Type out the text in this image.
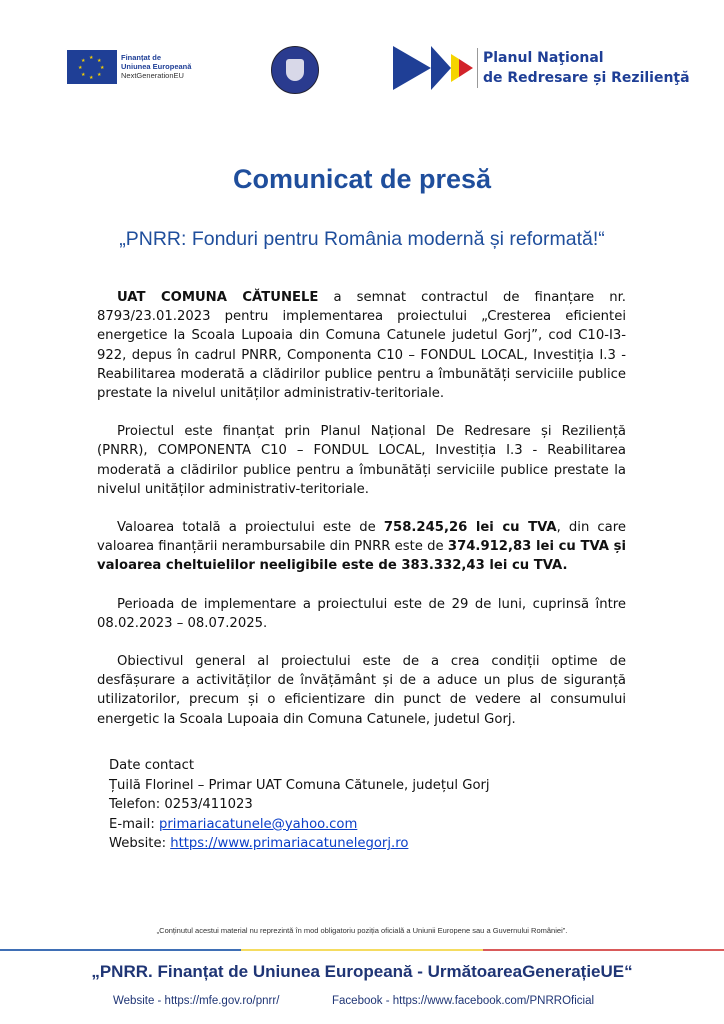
★ ★
★
★
★
★
★
★	Finanțat de
Uniunea Europeană
NextGenerationEU
Planul Naţional
de Redresare și Rezilienţă
Comunicat de presă
„PNRR: Fonduri pentru România modernă și reformată!“

UAT COMUNA CĂTUNELE a semnat contractul de finanțare nr. 8793/23.01.2023 pentru implementarea proiectului „Cresterea eficientei energetice la Scoala Lupoaia din Comuna Catunele judetul Gorj”, cod C10-I3-922, depus în cadrul PNRR, Componenta C10 – FONDUL LOCAL, Investiția I.3 - Reabilitarea moderată a clădirilor publice pentru a îmbunătăți serviciile publice prestate la nivelul unităților administrativ-teritoriale.

Proiectul este finanțat prin Planul Național De Redresare și Reziliență (PNRR), COMPONENTA C10 – FONDUL LOCAL, Investiția I.3 - Reabilitarea moderată a clădirilor publice pentru a îmbunătăți serviciile publice prestate la nivelul unităților administrativ-teritoriale.

Valoarea totală a proiectului este de 758.245,26 lei cu TVA, din care valoarea finanțării nerambursabile din PNRR este de 374.912,83 lei cu TVA și valoarea cheltuielilor neeligibile este de 383.332,43 lei cu TVA.

Perioada de implementare a proiectului este de 29 de luni, cuprinsă între 08.02.2023 – 08.07.2025.

Obiectivul general al proiectului este de a crea condiții optime de desfășurare a activităților de învățământ și de a aduce un plus de siguranță utilizatorilor, precum și o eficientizare din punct de vedere al consumului energetic la Scoala Lupoaia din Comuna Catunele, judetul Gorj.

Date contact
Țuilă Florinel – Primar UAT Comuna Cătunele, județul Gorj
Telefon: 0253/411023
E-mail: primariacatunele@yahoo.com
Website: https://www.primariacatunelegorj.ro
„Conținutul acestui material nu reprezintă în mod obligatoriu poziția oficială a Uniunii Europene sau a Guvernului României”.
„PNRR. Finanțat de Uniunea Europeană - UrmătoareaGenerațieUE“
Website - https://mfe.gov.ro/pnrr/	Facebook - https://www.facebook.com/PNRROficial
